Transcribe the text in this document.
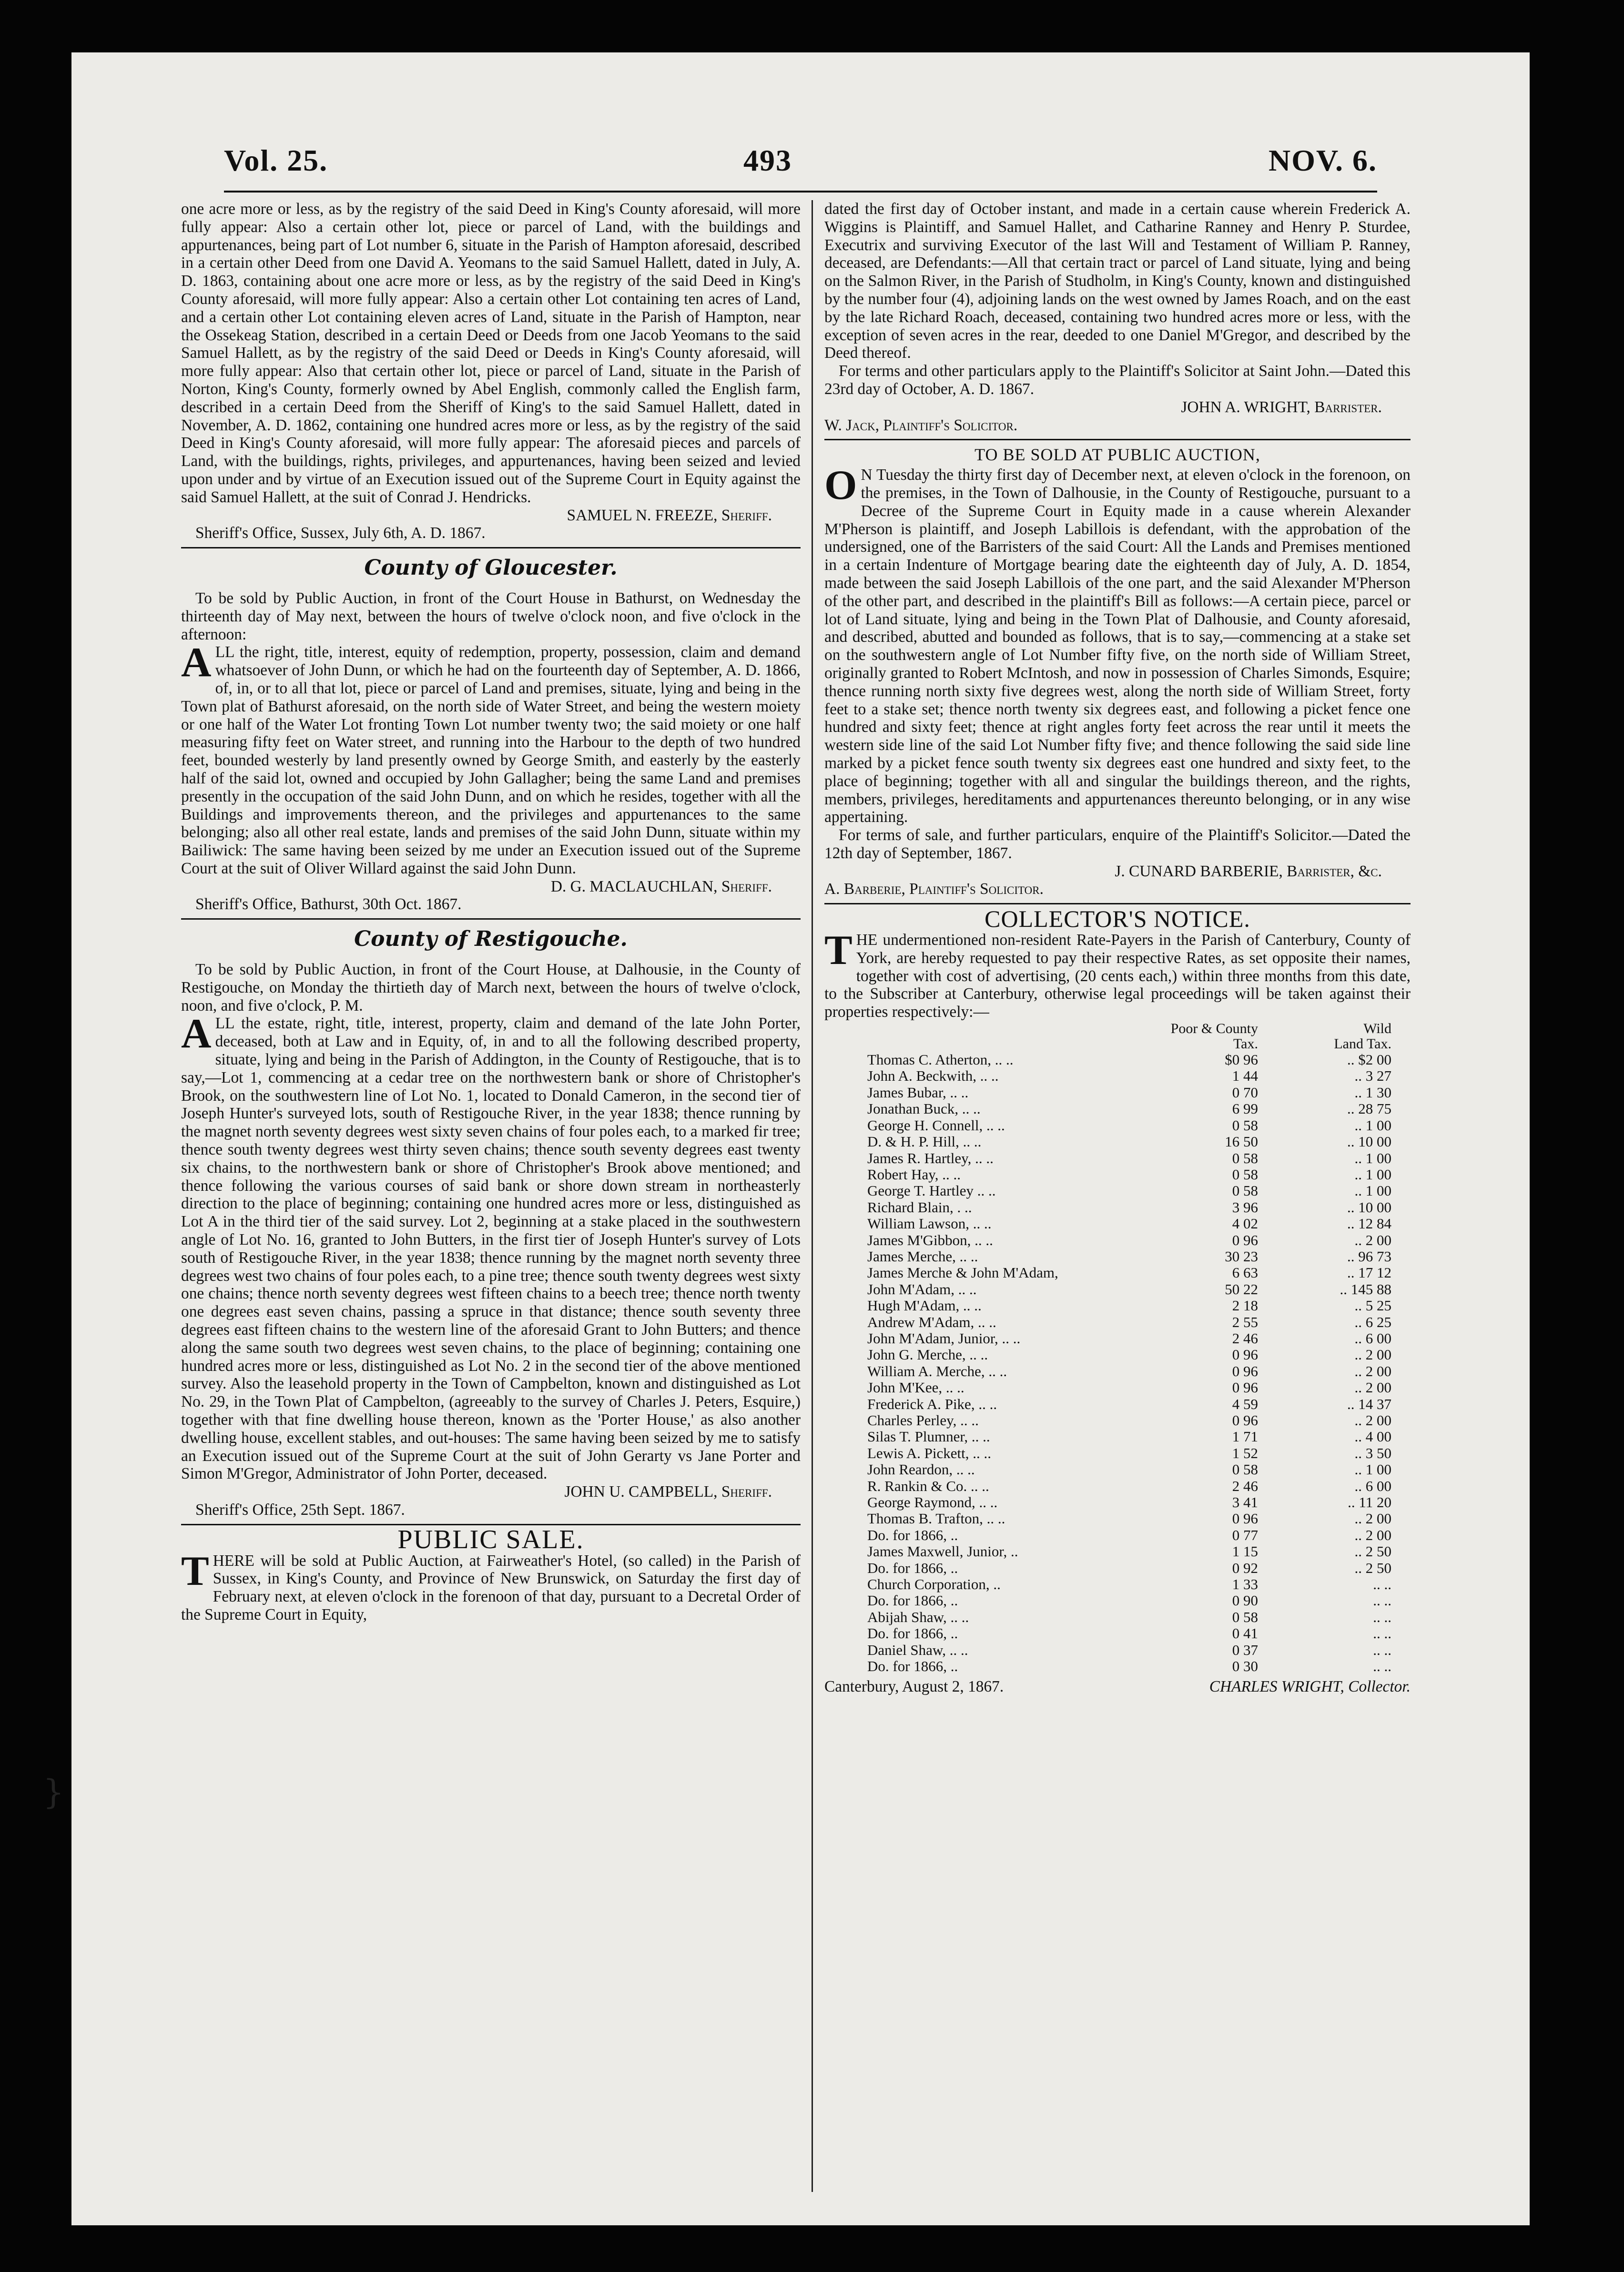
Vol. 25.	493	NOV. 6.

one acre more or less, as by the registry of the said Deed in King's County aforesaid, will more fully appear: Also a certain other lot, piece or parcel of Land, with the buildings and appurtenances, being part of Lot number 6, situate in the Parish of Hampton aforesaid, described in a certain other Deed from one David A. Yeomans to the said Samuel Hallett, dated in July, A. D. 1863, containing about one acre more or less, as by the registry of the said Deed in King's County aforesaid, will more fully appear: Also a certain other Lot containing ten acres of Land, and a certain other Lot containing eleven acres of Land, situate in the Parish of Hampton, near the Ossekeag Station, described in a certain Deed or Deeds from one Jacob Yeomans to the said Samuel Hallett, as by the registry of the said Deed or Deeds in King's County aforesaid, will more fully appear: Also that certain other lot, piece or parcel of Land, situate in the Parish of Norton, King's County, formerly owned by Abel English, commonly called the English farm, described in a certain Deed from the Sheriff of King's to the said Samuel Hallett, dated in November, A. D. 1862, containing one hundred acres more or less, as by the registry of the said Deed in King's County aforesaid, will more fully appear: The aforesaid pieces and parcels of Land, with the buildings, rights, privileges, and appurtenances, having been seized and levied upon under and by virtue of an Execution issued out of the Supreme Court in Equity against the said Samuel Hallett, at the suit of Conrad J. Hendricks.

SAMUEL N. FREEZE, Sheriff.

Sheriff's Office, Sussex, July 6th, A. D. 1867.

County of Gloucester.

To be sold by Public Auction, in front of the Court House in Bathurst, on Wednesday the thirteenth day of May next, between the hours of twelve o'clock noon, and five o'clock in the afternoon:

ALL the right, title, interest, equity of redemption, property, possession, claim and demand whatsoever of John Dunn, or which he had on the fourteenth day of September, A. D. 1866, of, in, or to all that lot, piece or parcel of Land and premises, situate, lying and being in the Town plat of Bathurst aforesaid, on the north side of Water Street, and being the western moiety or one half of the Water Lot fronting Town Lot number twenty two; the said moiety or one half measuring fifty feet on Water street, and running into the Harbour to the depth of two hundred feet, bounded westerly by land presently owned by George Smith, and easterly by the easterly half of the said lot, owned and occupied by John Gallagher; being the same Land and premises presently in the occupation of the said John Dunn, and on which he resides, together with all the Buildings and improvements thereon, and the privileges and appurtenances to the same belonging; also all other real estate, lands and premises of the said John Dunn, situate within my Bailiwick: The same having been seized by me under an Execution issued out of the Supreme Court at the suit of Oliver Willard against the said John Dunn.

D. G. MACLAUCHLAN, Sheriff.

Sheriff's Office, Bathurst, 30th Oct. 1867.

County of Restigouche.

To be sold by Public Auction, in front of the Court House, at Dalhousie, in the County of Restigouche, on Monday the thirtieth day of March next, between the hours of twelve o'clock, noon, and five o'clock, P. M.

ALL the estate, right, title, interest, property, claim and demand of the late John Porter, deceased, both at Law and in Equity, of, in and to all the following described property, situate, lying and being in the Parish of Addington, in the County of Restigouche, that is to say,—Lot 1, commencing at a cedar tree on the northwestern bank or shore of Christopher's Brook, on the southwestern line of Lot No. 1, located to Donald Cameron, in the second tier of Joseph Hunter's surveyed lots, south of Restigouche River, in the year 1838; thence running by the magnet north seventy degrees west sixty seven chains of four poles each, to a marked fir tree; thence south twenty degrees west thirty seven chains; thence south seventy degrees east twenty six chains, to the northwestern bank or shore of Christopher's Brook above mentioned; and thence following the various courses of said bank or shore down stream in northeasterly direction to the place of beginning; containing one hundred acres more or less, distinguished as Lot A in the third tier of the said survey. Lot 2, beginning at a stake placed in the southwestern angle of Lot No. 16, granted to John Butters, in the first tier of Joseph Hunter's survey of Lots south of Restigouche River, in the year 1838; thence running by the magnet north seventy three degrees west two chains of four poles each, to a pine tree; thence south twenty degrees west sixty one chains; thence north seventy degrees west fifteen chains to a beech tree; thence north twenty one degrees east seven chains, passing a spruce in that distance; thence south seventy three degrees east fifteen chains to the western line of the aforesaid Grant to John Butters; and thence along the same south two degrees west seven chains, to the place of beginning; containing one hundred acres more or less, distinguished as Lot No. 2 in the second tier of the above mentioned survey. Also the leasehold property in the Town of Campbelton, known and distinguished as Lot No. 29, in the Town Plat of Campbelton, (agreeably to the survey of Charles J. Peters, Esquire,) together with that fine dwelling house thereon, known as the 'Porter House,' as also another dwelling house, excellent stables, and out-houses: The same having been seized by me to satisfy an Execution issued out of the Supreme Court at the suit of John Gerarty vs Jane Porter and Simon M'Gregor, Administrator of John Porter, deceased.

JOHN U. CAMPBELL, Sheriff.

Sheriff's Office, 25th Sept. 1867.

PUBLIC SALE.

THERE will be sold at Public Auction, at Fairweather's Hotel, (so called) in the Parish of Sussex, in King's County, and Province of New Brunswick, on Saturday the first day of February next, at eleven o'clock in the forenoon of that day, pursuant to a Decretal Order of the Supreme Court in Equity,

dated the first day of October instant, and made in a certain cause wherein Frederick A. Wiggins is Plaintiff, and Samuel Hallet, and Catharine Ranney and Henry P. Sturdee, Executrix and surviving Executor of the last Will and Testament of William P. Ranney, deceased, are Defendants:—All that certain tract or parcel of Land situate, lying and being on the Salmon River, in the Parish of Studholm, in King's County, known and distinguished by the number four (4), adjoining lands on the west owned by James Roach, and on the east by the late Richard Roach, deceased, containing two hundred acres more or less, with the exception of seven acres in the rear, deeded to one Daniel M'Gregor, and described by the Deed thereof.

For terms and other particulars apply to the Plaintiff's Solicitor at Saint John.—Dated this 23rd day of October, A. D. 1867.

JOHN A. WRIGHT, Barrister.

W. Jack, Plaintiff's Solicitor.

TO BE SOLD AT PUBLIC AUCTION,

O N Tuesday the thirty first day of December next, at eleven o'clock in the forenoon, on the premises, in the Town of Dalhousie, in the County of Restigouche, pursuant to a Decree of the Supreme Court in Equity made in a cause wherein Alexander M'Pherson is plaintiff, and Joseph Labillois is defendant, with the approbation of the undersigned, one of the Barristers of the said Court: All the Lands and Premises mentioned in a certain Indenture of Mortgage bearing date the eighteenth day of July, A. D. 1854, made between the said Joseph Labillois of the one part, and the said Alexander M'Pherson of the other part, and described in the plaintiff's Bill as follows:—A certain piece, parcel or lot of Land situate, lying and being in the Town Plat of Dalhousie, and County aforesaid, and described, abutted and bounded as follows, that is to say,—commencing at a stake set on the southwestern angle of Lot Number fifty five, on the north side of William Street, originally granted to Robert McIntosh, and now in possession of Charles Simonds, Esquire; thence running north sixty five degrees west, along the north side of William Street, forty feet to a stake set; thence north twenty six degrees east, and following a picket fence one hundred and sixty feet; thence at right angles forty feet across the rear until it meets the western side line of the said Lot Number fifty five; and thence following the said side line marked by a picket fence south twenty six degrees east one hundred and sixty feet, to the place of beginning; together with all and singular the buildings thereon, and the rights, members, privileges, hereditaments and appurtenances thereunto belonging, or in any wise appertaining.

For terms of sale, and further particulars, enquire of the Plaintiff's Solicitor.—Dated the 12th day of September, 1867.

J. CUNARD BARBERIE, Barrister, &c.

A. Barberie, Plaintiff's Solicitor.

COLLECTOR'S NOTICE.

THE undermentioned non-resident Rate-Payers in the Parish of Canterbury, County of York, are hereby requested to pay their respective Rates, as set opposite their names, together with cost of advertising, (20 cents each,) within three months from this date, to the Subscriber at Canterbury, otherwise legal proceedings will be taken against their properties respectively:—

	Poor & County
Tax.	Wild
Land Tax.
Thomas C. Atherton, .. ..	$0 96	.. $2 00
John A. Beckwith, .. ..	1 44	.. 3 27
James Bubar, .. ..	0 70	.. 1 30
Jonathan Buck, .. ..	6 99	.. 28 75
George H. Connell, .. ..	0 58	.. 1 00
D. & H. P. Hill, .. ..	16 50	.. 10 00
James R. Hartley, .. ..	0 58	.. 1 00
Robert Hay, .. ..	0 58	.. 1 00
George T. Hartley .. ..	0 58	.. 1 00
Richard Blain, . ..	3 96	.. 10 00
William Lawson, .. ..	4 02	.. 12 84
James M'Gibbon, .. ..	0 96	.. 2 00
James Merche, .. ..	30 23	.. 96 73
James Merche & John M'Adam,	6 63	.. 17 12
John M'Adam, .. ..	50 22	.. 145 88
Hugh M'Adam, .. ..	2 18	.. 5 25
Andrew M'Adam, .. ..	2 55	.. 6 25
John M'Adam, Junior, .. ..	2 46	.. 6 00
John G. Merche, .. ..	0 96	.. 2 00
William A. Merche, .. ..	0 96	.. 2 00
John M'Kee, .. ..	0 96	.. 2 00
Frederick A. Pike, .. ..	4 59	.. 14 37
Charles Perley, .. ..	0 96	.. 2 00
Silas T. Plumner, .. ..	1 71	.. 4 00
Lewis A. Pickett, .. ..	1 52	.. 3 50
John Reardon, .. ..	0 58	.. 1 00
R. Rankin & Co. .. ..	2 46	.. 6 00
George Raymond, .. ..	3 41	.. 11 20
Thomas B. Trafton, .. ..	0 96	.. 2 00
Do. for 1866, ..	0 77	.. 2 00
James Maxwell, Junior, ..	1 15	.. 2 50
Do. for 1866, ..	0 92	.. 2 50
Church Corporation, ..	1 33	.. ..
Do. for 1866, ..	0 90	.. ..
Abijah Shaw, .. ..	0 58	.. ..
Do. for 1866, ..	0 41	.. ..
Daniel Shaw, .. ..	0 37	.. ..
Do. for 1866, ..	0 30	.. ..
Canterbury, August 2, 1867.	CHARLES WRIGHT, Collector.
}
